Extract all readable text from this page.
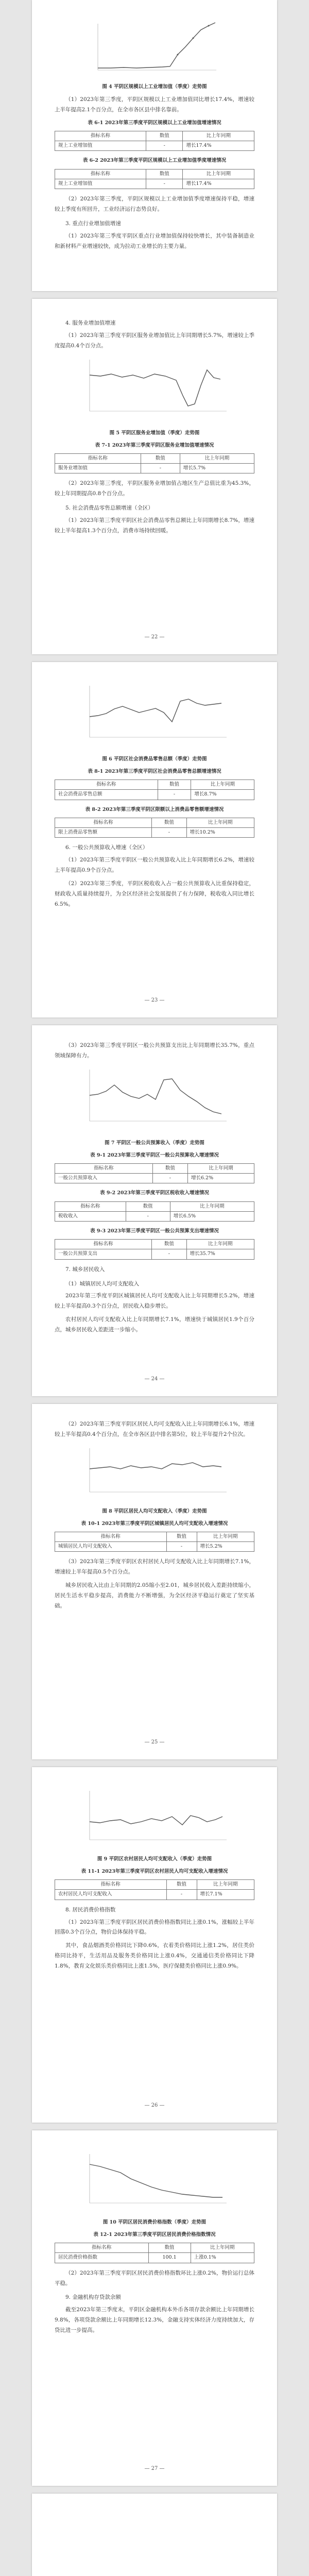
图 4 平阴区规模以上工业增加值（季度）走势图

（1）2023年第三季度，平阴区规模以上工业增加值同比增长17.4%，增速较上半年提高2.1个百分点，在全市各区县中排名靠前。

表 6-1 2023年第三季度平阴区规模以上工业增加值增速情况
指标名称	数值	比上年同期
规上工业增加值	-	增长17.4%
表 6-2 2023年第三季度平阴区规模以上工业增加值季度增速情况
指标名称	数值	比上年同期
规上工业增加值	-	增长17.4%

（2）2023年第三季度，平阴区规模以上工业增加值季度增速保持平稳，增速较上季度有所回升，工业经济运行态势良好。

3. 重点行业增加值增速

（1）2023年第三季度平阴区重点行业增加值保持较快增长，其中装备制造业和新材料产业增速较快，成为拉动工业增长的主要力量。

4. 服务业增加值增速

（1）2023年第三季度平阴区服务业增加值比上年同期增长5.7%，增速较上季度提高0.4个百分点。

图 5 平阴区服务业增加值（季度）走势图
表 7-1 2023年第三季度平阴区服务业增加值增速情况
指标名称	数值	比上年同期
服务业增加值	-	增长5.7%

（2）2023年第三季度，平阴区服务业增加值占地区生产总值比重为45.3%，较上年同期提高0.8个百分点。

5. 社会消费品零售总额增速（全区）

（1）2023年第三季度平阴区社会消费品零售总额比上年同期增长8.7%，增速较上半年提高1.3个百分点，消费市场持续回暖。

— 22 —
图 6 平阴区社会消费品零售总额（季度）走势图
表 8-1 2023年第三季度平阴区社会消费品零售总额增速情况
指标名称	数值	比上年同期
社会消费品零售总额	-	增长8.7%
表 8-2 2023年第三季度平阴区限额以上消费品零售额增速情况
指标名称	数值	比上年同期
限上消费品零售额	-	增长10.2%

6. 一般公共预算收入增速（全区）

（1）2023年第三季度平阴区一般公共预算收入比上年同期增长6.2%，增速较上半年提高0.9个百分点。

（2）2023年第三季度，平阴区税收收入占一般公共预算收入比重保持稳定，财政收入质量持续提升，为全区经济社会发展提供了有力保障，税收收入同比增长6.5%。

— 23 —

（3）2023年第三季度平阴区一般公共预算支出比上年同期增长35.7%，重点领域保障有力。

图 7 平阴区一般公共预算收入（季度）走势图
表 9-1 2023年第三季度平阴区一般公共预算收入增速情况
指标名称	数值	比上年同期
一般公共预算收入	-	增长6.2%
表 9-2 2023年第三季度平阴区税收收入增速情况
指标名称	数值	比上年同期
税收收入	-	增长6.5%
表 9-3 2023年第三季度平阴区一般公共预算支出增速情况
指标名称	数值	比上年同期
一般公共预算支出	-	增长35.7%

7. 城乡居民收入

（1）城镇居民人均可支配收入

2023年第三季度平阴区城镇居民人均可支配收入比上年同期增长5.2%，增速较上半年提高0.3个百分点，居民收入稳步增长。

农村居民人均可支配收入比上年同期增长7.1%，增速快于城镇居民1.9个百分点，城乡居民收入差距进一步缩小。

— 24 —

（2）2023年第三季度平阴区居民人均可支配收入比上年同期增长6.1%，增速较上半年提高0.4个百分点，在全市各区县中排名第5位，较上半年提升2个位次。

图 8 平阴区居民人均可支配收入（季度）走势图
表 10-1 2023年第三季度平阴区城镇居民人均可支配收入增速情况
指标名称	数值	比上年同期
城镇居民人均可支配收入	-	增长5.2%

（3）2023年第三季度平阴区农村居民人均可支配收入比上年同期增长7.1%，增速较上半年提高0.5个百分点。

城乡居民收入比由上年同期的2.05缩小至2.01，城乡居民收入差距持续缩小，居民生活水平稳步提高，消费能力不断增强，为全区经济平稳运行奠定了坚实基础。

— 25 —
图 9 平阴区农村居民人均可支配收入（季度）走势图
表 11-1 2023年第三季度平阴区农村居民人均可支配收入增速情况
指标名称	数值	比上年同期
农村居民人均可支配收入	-	增长7.1%

8. 居民消费价格指数

（1）2023年第三季度平阴区居民消费价格指数同比上涨0.1%，涨幅较上半年回落0.3个百分点，物价总体保持平稳。

其中，食品烟酒类价格同比下降0.6%，衣着类价格同比上涨1.2%，居住类价格同比持平，生活用品及服务类价格同比上涨0.4%，交通通信类价格同比下降1.8%，教育文化娱乐类价格同比上涨1.5%，医疗保健类价格同比上涨0.9%。

— 26 —
图 10 平阴区居民消费价格指数（季度）走势图
表 12-1 2023年第三季度平阴区居民消费价格指数情况
指标名称	数值	比上年同期
居民消费价格指数	100.1	上涨0.1%

（2）2023年第三季度平阴区居民消费价格指数环比上涨0.2%，物价运行总体平稳。

9. 金融机构存贷款余额

截至2023年第三季度末，平阴区金融机构本外币各项存款余额比上年同期增长9.8%，各项贷款余额比上年同期增长12.3%，金融支持实体经济力度持续加大，存贷比进一步提高。

— 27 —
